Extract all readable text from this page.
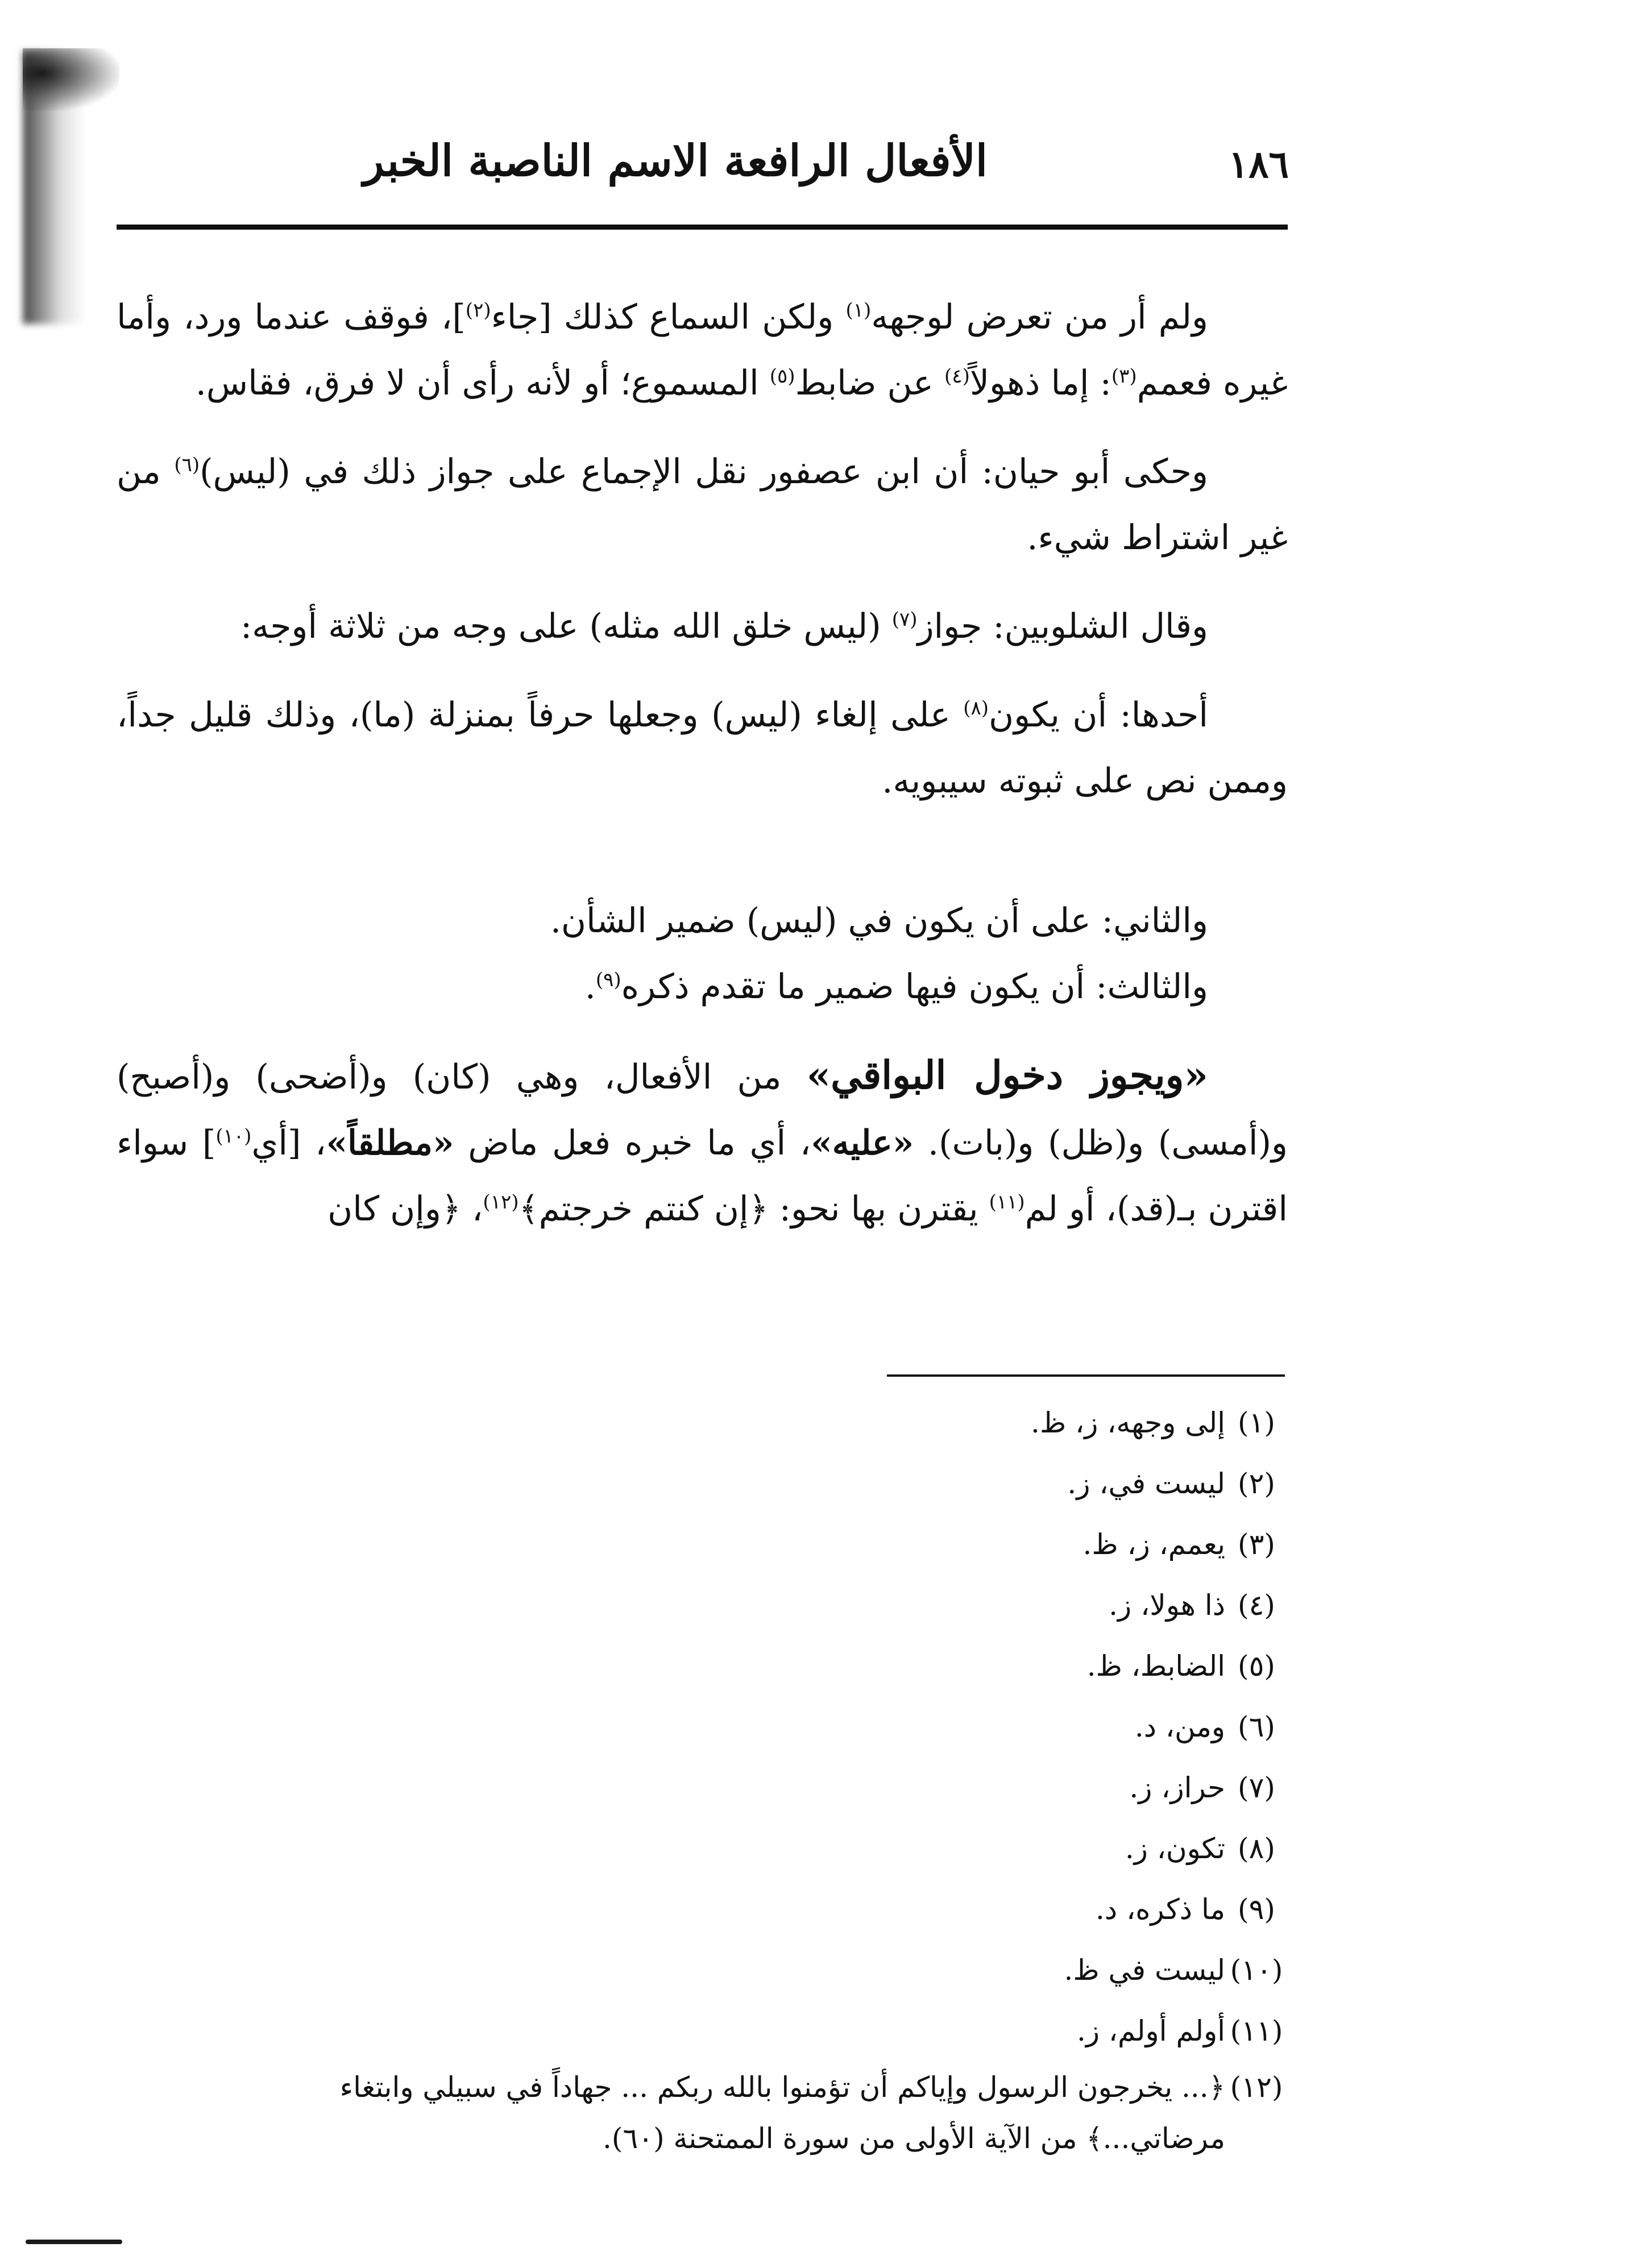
١٨٦
الأفعال الرافعة الاسم الناصبة الخبر

ولم أر من تعرض لوجهه$^{(١)}$ ولكن السماع كذلك [جاء$^{(٢)}$]، فوقف عندما ورد، وأما غيره فعمم$^{(٣)}$: إما ذهولاً$^{(٤)}$ عن ضابط$^{(٥)}$ المسموع؛ أو لأنه رأى أن لا فرق، فقاس.

وحكى أبو حيان: أن ابن عصفور نقل الإجماع على جواز ذلك في (ليس)$^{(٦)}$ من غير اشتراط شيء.

وقال الشلوبين: جواز$^{(٧)}$ (ليس خلق الله مثله) على وجه من ثلاثة أوجه:

أحدها: أن يكون$^{(٨)}$ على إلغاء (ليس) وجعلها حرفاً بمنزلة (ما)، وذلك قليل جداً، وممن نص على ثبوته سيبويه.

والثاني: على أن يكون في (ليس) ضمير الشأن.

والثالث: أن يكون فيها ضمير ما تقدم ذكره$^{(٩)}$.

«ويجوز دخول البواقي» من الأفعال، وهي (كان) و(أضحى) و(أصبح) و(أمسى) و(ظل) و(بات). «عليه»، أي ما خبره فعل ماض «مطلقاً»، [أي$^{(١٠)}$] سواء اقترن بـ(قد)، أو لم$^{(١١)}$ يقترن بها نحو: ﴿إن كنتم خرجتم﴾$^{(١٢)}$، ﴿وإن كان

(١)إلى وجهه، ز، ظ.
(٢)ليست في، ز.
(٣)يعمم، ز، ظ.
(٤)ذا هولا، ز.
(٥)الضابط، ظ.
(٦)ومن، د.
(٧)حراز، ز.
(٨)تكون، ز.
(٩)ما ذكره، د.
(١٠)ليست في ظ.
(١١)أولم أولم، ز.
(١٢)﴿... يخرجون الرسول وإياكم أن تؤمنوا بالله ربكم ... جهاداً في سبيلي وابتغاء
مرضاتي...﴾ من الآية الأولى من سورة الممتحنة (٦٠).
